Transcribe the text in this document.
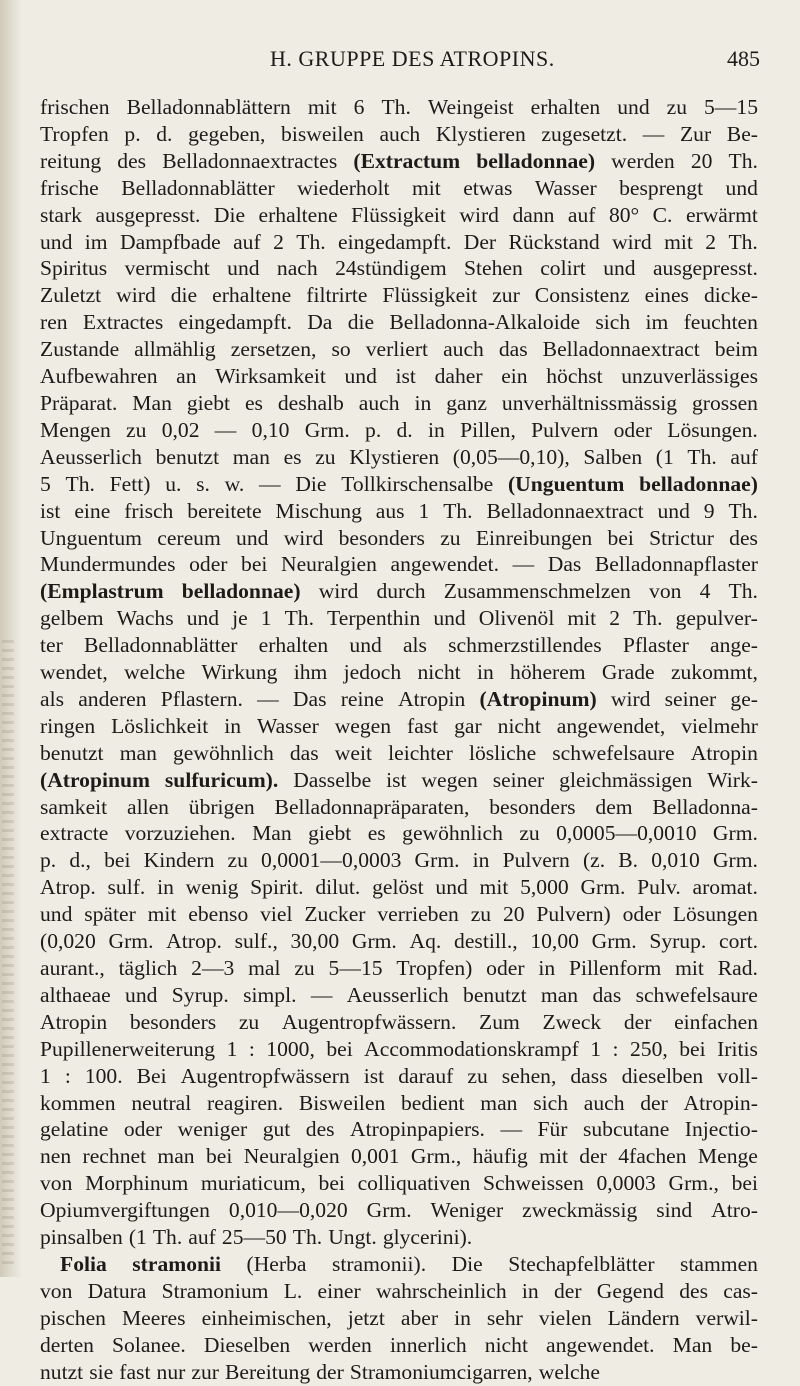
H. GRUPPE DES ATROPINS.	485
frischen Belladonnablättern mit 6 Th. Weingeist erhalten und zu 5—15
Tropfen p. d. gegeben, bisweilen auch Klystieren zugesetzt. — Zur Be-
reitung des Belladonnaextractes (Extractum belladonnae) werden 20 Th.
frische Belladonnablätter wiederholt mit etwas Wasser besprengt und
stark ausgepresst. Die erhaltene Flüssigkeit wird dann auf 80° C. erwärmt
und im Dampfbade auf 2 Th. eingedampft. Der Rückstand wird mit 2 Th.
Spiritus vermischt und nach 24stündigem Stehen colirt und ausgepresst.
Zuletzt wird die erhaltene filtrirte Flüssigkeit zur Consistenz eines dicke-
ren Extractes eingedampft. Da die Belladonna-Alkaloide sich im feuchten
Zustande allmählig zersetzen, so verliert auch das Belladonnaextract beim
Aufbewahren an Wirksamkeit und ist daher ein höchst unzuverlässiges
Präparat. Man giebt es deshalb auch in ganz unverhältnissmässig grossen
Mengen zu 0,02 — 0,10 Grm. p. d. in Pillen, Pulvern oder Lösungen.
Aeusserlich benutzt man es zu Klystieren (0,05—0,10), Salben (1 Th. auf
5 Th. Fett) u. s. w. — Die Tollkirschensalbe (Unguentum belladonnae)
ist eine frisch bereitete Mischung aus 1 Th. Belladonnaextract und 9 Th.
Unguentum cereum und wird besonders zu Einreibungen bei Strictur des
Mundermundes oder bei Neuralgien angewendet. — Das Belladonnapflaster
(Emplastrum belladonnae) wird durch Zusammenschmelzen von 4 Th.
gelbem Wachs und je 1 Th. Terpenthin und Olivenöl mit 2 Th. gepulver-
ter Belladonnablätter erhalten und als schmerzstillendes Pflaster ange-
wendet, welche Wirkung ihm jedoch nicht in höherem Grade zukommt,
als anderen Pflastern. — Das reine Atropin (Atropinum) wird seiner ge-
ringen Löslichkeit in Wasser wegen fast gar nicht angewendet, vielmehr
benutzt man gewöhnlich das weit leichter lösliche schwefelsaure Atropin
(Atropinum sulfuricum). Dasselbe ist wegen seiner gleichmässigen Wirk-
samkeit allen übrigen Belladonnapräparaten, besonders dem Belladonna-
extracte vorzuziehen. Man giebt es gewöhnlich zu 0,0005—0,0010 Grm.
p. d., bei Kindern zu 0,0001—0,0003 Grm. in Pulvern (z. B. 0,010 Grm.
Atrop. sulf. in wenig Spirit. dilut. gelöst und mit 5,000 Grm. Pulv. aromat.
und später mit ebenso viel Zucker verrieben zu 20 Pulvern) oder Lösungen
(0,020 Grm. Atrop. sulf., 30,00 Grm. Aq. destill., 10,00 Grm. Syrup. cort.
aurant., täglich 2—3 mal zu 5—15 Tropfen) oder in Pillenform mit Rad.
althaeae und Syrup. simpl. — Aeusserlich benutzt man das schwefelsaure
Atropin besonders zu Augentropfwässern. Zum Zweck der einfachen
Pupillenerweiterung 1 : 1000, bei Accommodationskrampf 1 : 250, bei Iritis
1 : 100. Bei Augentropfwässern ist darauf zu sehen, dass dieselben voll-
kommen neutral reagiren. Bisweilen bedient man sich auch der Atropin-
gelatine oder weniger gut des Atropinpapiers. — Für subcutane Injectio-
nen rechnet man bei Neuralgien 0,001 Grm., häufig mit der 4fachen Menge
von Morphinum muriaticum, bei colliquativen Schweissen 0,0003 Grm., bei
Opiumvergiftungen 0,010—0,020 Grm. Weniger zweckmässig sind Atro-
pinsalben (1 Th. auf 25—50 Th. Ungt. glycerini).
Folia stramonii (Herba stramonii). Die Stechapfelblätter stammen
von Datura Stramonium L. einer wahrscheinlich in der Gegend des cas-
pischen Meeres einheimischen, jetzt aber in sehr vielen Ländern verwil-
derten Solanee. Dieselben werden innerlich nicht angewendet. Man be-
nutzt sie fast nur zur Bereitung der Stramoniumcigarren, welche
